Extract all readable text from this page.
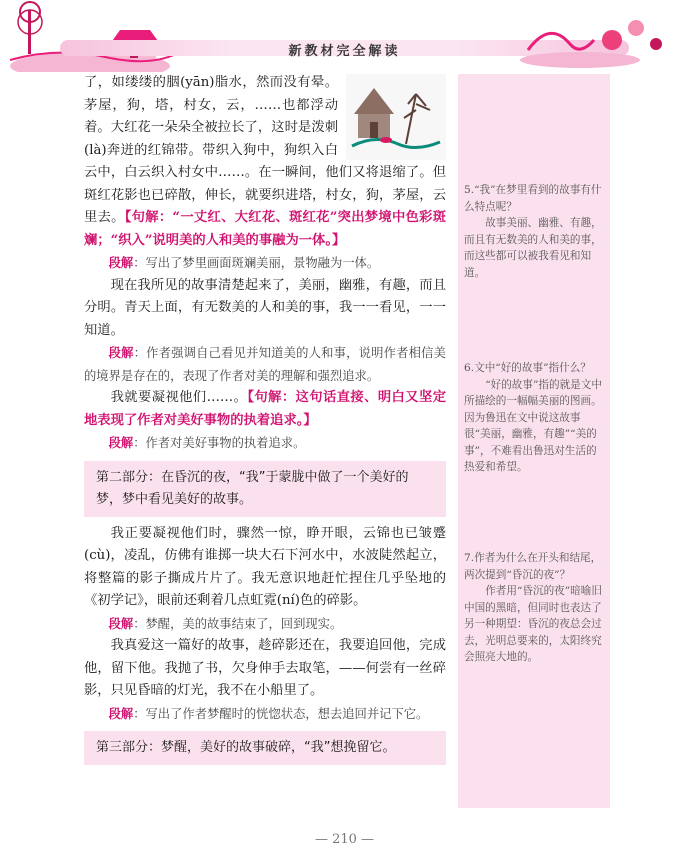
新教材完全解读

了，如缕缕的胭(yān)脂水，然而没有晕。茅屋，狗，塔，村女，云，……也都浮动着。大红花一朵朵全被拉长了，这时是泼刺(là)奔迸的红锦带。带织入狗中，狗织入白云中，白云织入村女中……。在一瞬间，他们又将退缩了。但斑红花影也已碎散，伸长，就要织进塔，村女，狗，茅屋，云里去。【句解：“一丈红、大红花、斑红花”突出梦境中色彩斑斓；“织入”说明美的人和美的事融为一体。】

段解：写出了梦里画面斑斓美丽，景物融为一体。

现在我所见的故事清楚起来了，美丽，幽雅，有趣，而且分明。青天上面，有无数美的人和美的事，我一一看见，一一知道。

段解：作者强调自己看见并知道美的人和事，说明作者相信美的境界是存在的，表现了作者对美的理解和强烈追求。

我就要凝视他们……。【句解：这句话直接、明白又坚定地表现了作者对美好事物的执着追求。】

段解：作者对美好事物的执着追求。

第二部分：在昏沉的夜，“我”于蒙胧中做了一个美好的梦，梦中看见美好的故事。

我正要凝视他们时，骤然一惊，睁开眼，云锦也已皱蹙(cù)，凌乱，仿佛有谁掷一块大石下河水中，水波陡然起立，将整篇的影子撕成片片了。我无意识地赶忙捏住几乎坠地的《初学记》，眼前还剩着几点虹霓(ní)色的碎影。

段解：梦醒，美的故事结束了，回到现实。

我真爱这一篇好的故事，趁碎影还在，我要追回他，完成他，留下他。我抛了书，欠身伸手去取笔，——何尝有一丝碎影，只见昏暗的灯光，我不在小船里了。

段解：写出了作者梦醒时的恍惚状态，想去追回并记下它。

第三部分：梦醒，美好的故事破碎，“我”想挽留它。

5.“我”在梦里看到的故事有什么特点呢？

故事美丽、幽雅、有趣，而且有无数美的人和美的事，而这些都可以被我看见和知道。

6.文中“好的故事”指什么？

“好的故事”指的就是文中所描绘的一幅幅美丽的图画。因为鲁迅在文中说这故事很“美丽，幽雅，有趣”“美的事”，不难看出鲁迅对生活的热爱和希望。

7.作者为什么在开头和结尾，两次提到“昏沉的夜”？

作者用“昏沉的夜”暗喻旧中国的黑暗，但同时也表达了另一种期望：昏沉的夜总会过去，光明总要来的，太阳终究会照亮大地的。

— 210 —
